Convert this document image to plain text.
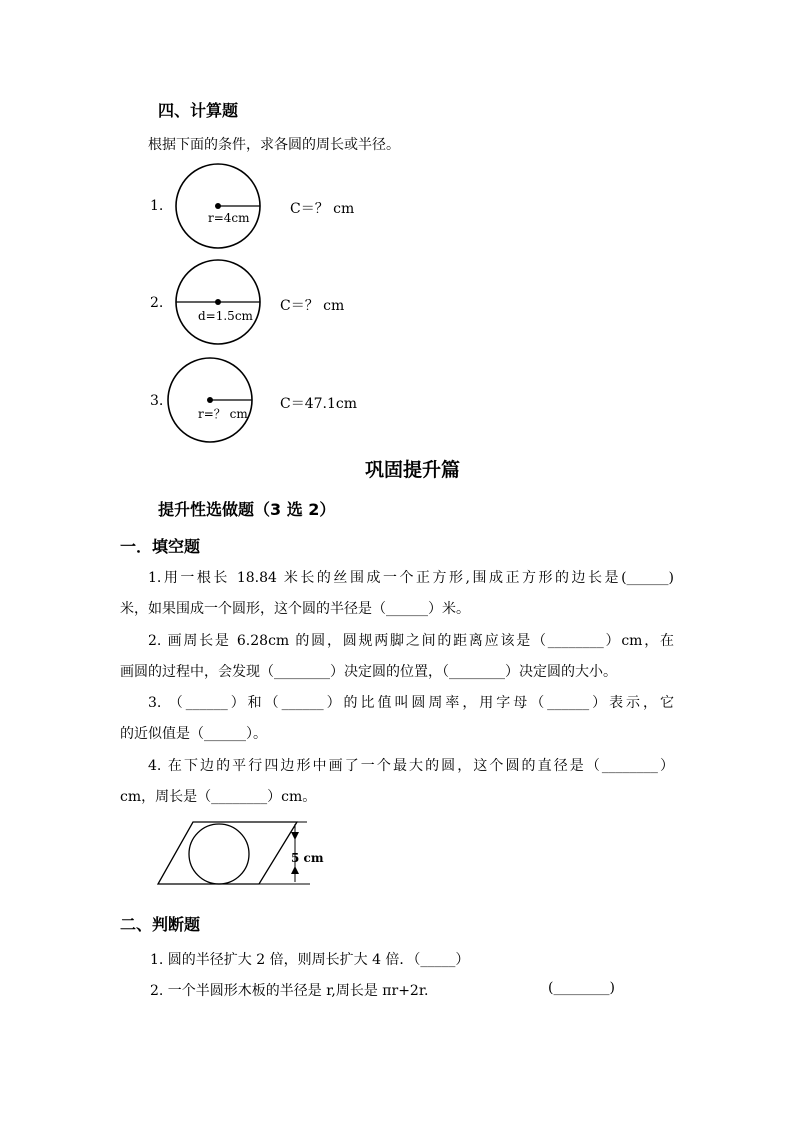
四、计算题
根据下面的条件，求各圆的周长或半径。
1.
r=4cm
C＝？ cm
2.
d=1.5cm
C＝？ cm
3.
r=？ cm
C＝47.1cm
巩固提升篇
提升性选做题（3 选 2）
一．填空题
1.用一根长 18.84 米长的丝围成一个正方形,围成正方形的边长是(______)
米，如果围成一个圆形，这个圆的半径是（______）米。
2. 画周长是 6.28cm 的圆，圆规两脚之间的距离应该是（________）cm，在
画圆的过程中，会发现（________）决定圆的位置，（________）决定圆的大小。
3. （______）和（______）的比值叫圆周率，用字母（______）表示，它
的近似值是（______）。
4. 在下边的平行四边形中画了一个最大的圆，这个圆的直径是（________）
cm，周长是（________）cm。
5 cm
二、判断题
1. 圆的半径扩大 2 倍，则周长扩大 4 倍．（_____）
2. 一个半圆形木板的半径是 r,周长是 πr+2r.	(________)
